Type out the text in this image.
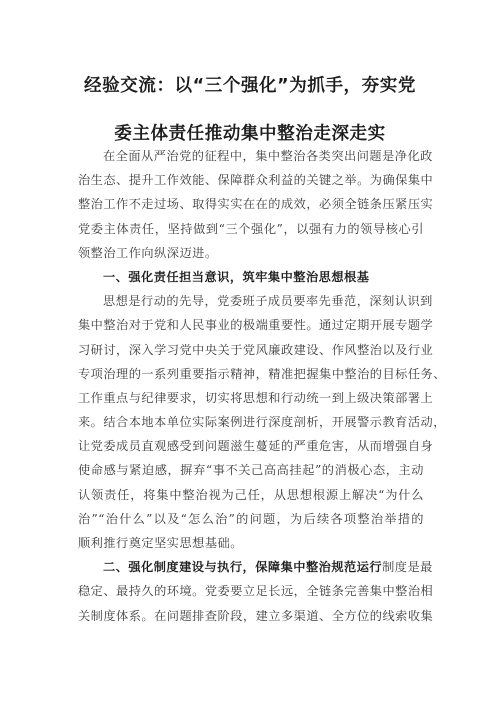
经验交流：以“三个强化”为抓手，夯实党
委主体责任推动集中整治走深走实
在全面从严治党的征程中，集中整治各类突出问题是净化政
治生态、提升工作效能、保障群众利益的关键之举。为确保集中
整治工作不走过场、取得实实在在的成效，必须全链条压紧压实
党委主体责任，坚持做到“三个强化”，以强有力的领导核心引
领整治工作向纵深迈进。
一、强化责任担当意识，筑牢集中整治思想根基
思想是行动的先导，党委班子成员要率先垂范，深刻认识到
集中整治对于党和人民事业的极端重要性。通过定期开展专题学
习研讨，深入学习党中央关于党风廉政建设、作风整治以及行业
专项治理的一系列重要指示精神，精准把握集中整治的目标任务、
工作重点与纪律要求，切实将思想和行动统一到上级决策部署上
来。结合本地本单位实际案例进行深度剖析，开展警示教育活动，
让党委成员直观感受到问题滋生蔓延的严重危害，从而增强自身
使命感与紧迫感，摒弃“事不关己高高挂起”的消极心态，主动
认领责任，将集中整治视为己任，从思想根源上解决“为什么
治”“治什么”以及“怎么治”的问题，为后续各项整治举措的
顺利推行奠定坚实思想基础。
二、强化制度建设与执行，保障集中整治规范运行制度是最
稳定、最持久的环境。党委要立足长远，全链条完善集中整治相
关制度体系。在问题排查阶段，建立多渠道、全方位的线索收集
